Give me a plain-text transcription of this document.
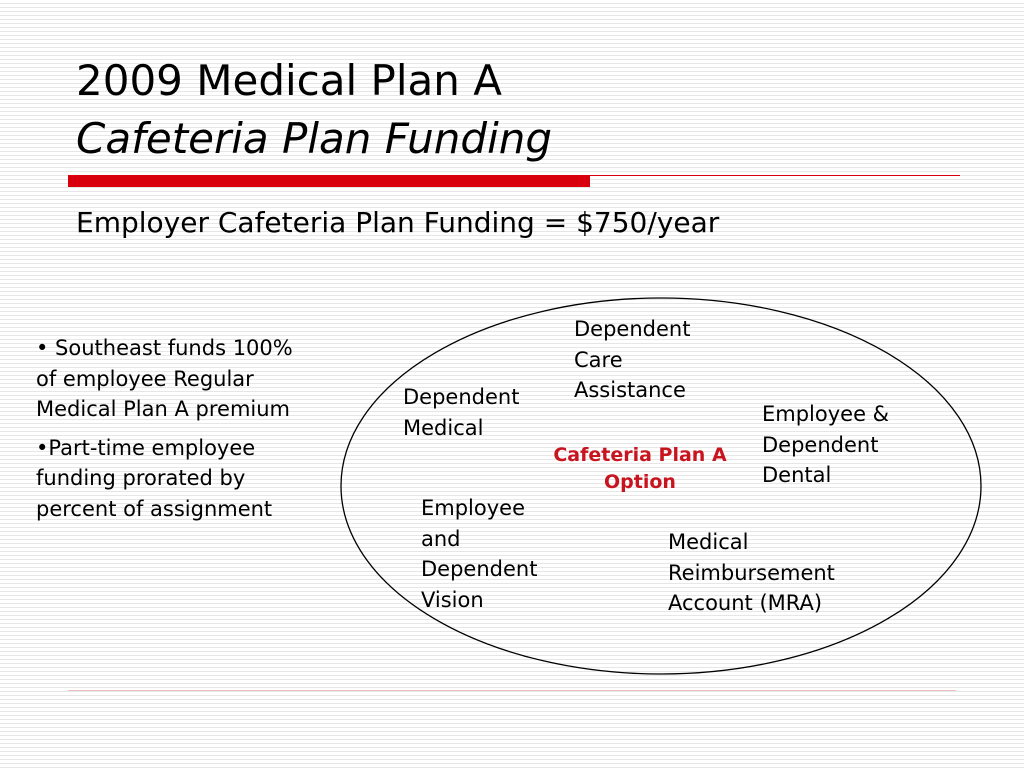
2009 Medical Plan A
Cafeteria Plan Funding
Employer Cafeteria Plan Funding = $750/year
• Southeast funds 100% of employee Regular Medical Plan A premium
•Part-time employee funding prorated by percent of assignment
Dependent
Care
Assistance
Dependent
Medical
Employee &
Dependent
Dental
Cafeteria Plan A Option
Employee
and
Dependent
Vision
Medical
Reimbursement
Account (MRA)
